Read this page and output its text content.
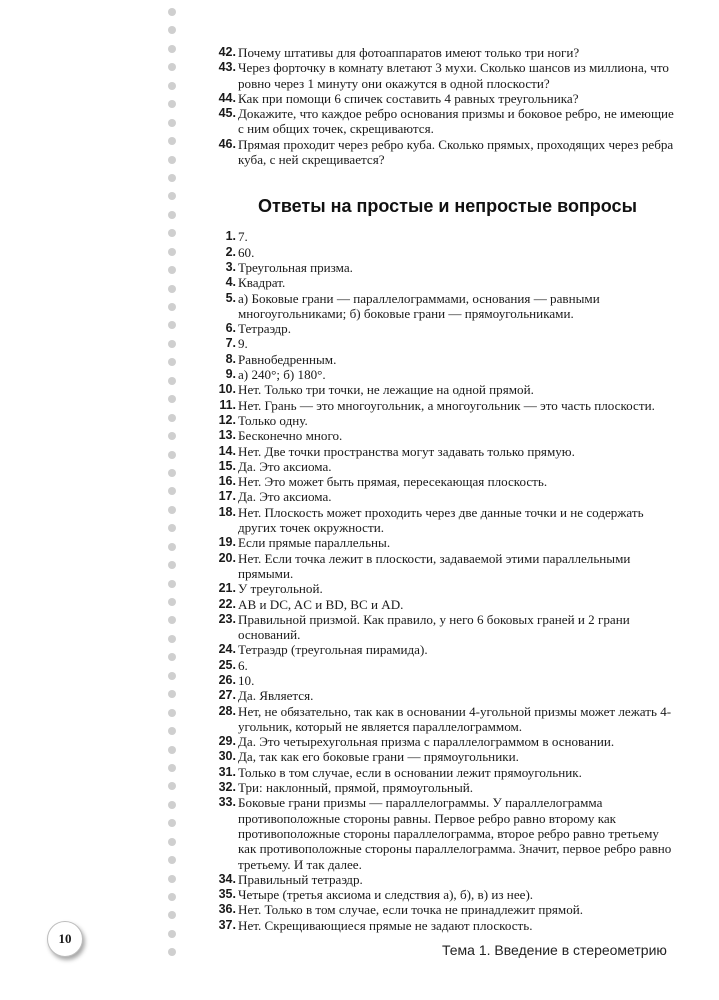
42. Почему штативы для фотоаппаратов имеют только три ноги?
43. Через форточку в комнату влетают 3 мухи. Сколько шансов из миллиона, что ровно через 1 минуту они окажутся в одной плоскости?
44. Как при помощи 6 спичек составить 4 равных треугольника?
45. Докажите, что каждое ребро основания призмы и боковое ребро, не имеющие с ним общих точек, скрещиваются.
46. Прямая проходит через ребро куба. Сколько прямых, проходящих через ребра куба, с ней скрещивается?
Ответы на простые и непростые вопросы
1. 7.
2. 60.
3. Треугольная призма.
4. Квадрат.
5. а) Боковые грани — параллелограммами, основания — равными многоугольниками; б) боковые грани — прямоугольниками.
6. Тетраэдр.
7. 9.
8. Равнобедренным.
9. а) 240°; б) 180°.
10. Нет. Только три точки, не лежащие на одной прямой.
11. Нет. Грань — это многоугольник, а многоугольник — это часть плоскости.
12. Только одну.
13. Бесконечно много.
14. Нет. Две точки пространства могут задавать только прямую.
15. Да. Это аксиома.
16. Нет. Это может быть прямая, пересекающая плоскость.
17. Да. Это аксиома.
18. Нет. Плоскость может проходить через две данные точки и не содержать других точек окружности.
19. Если прямые параллельны.
20. Нет. Если точка лежит в плоскости, задаваемой этими параллельными прямыми.
21. У треугольной.
22. AB и DC, AC и BD, BC и AD.
23. Правильной призмой. Как правило, у него 6 боковых граней и 2 грани оснований.
24. Тетраэдр (треугольная пирамида).
25. 6.
26. 10.
27. Да. Является.
28. Нет, не обязательно, так как в основании 4-угольной призмы может лежать 4-угольник, который не является параллелограммом.
29. Да. Это четырехугольная призма с параллелограммом в основании.
30. Да, так как его боковые грани — прямоугольники.
31. Только в том случае, если в основании лежит прямоугольник.
32. Три: наклонный, прямой, прямоугольный.
33. Боковые грани призмы — параллелограммы. У параллелограмма противоположные стороны равны. Первое ребро равно второму как противоположные стороны параллелограмма, второе ребро равно третьему как противоположные стороны параллелограмма. Значит, первое ребро равно третьему. И так далее.
34. Правильный тетраэдр.
35. Четыре (третья аксиома и следствия а), б), в) из нее).
36. Нет. Только в том случае, если точка не принадлежит прямой.
37. Нет. Скрещивающиеся прямые не задают плоскость.
10
Тема 1. Введение в стереометрию
